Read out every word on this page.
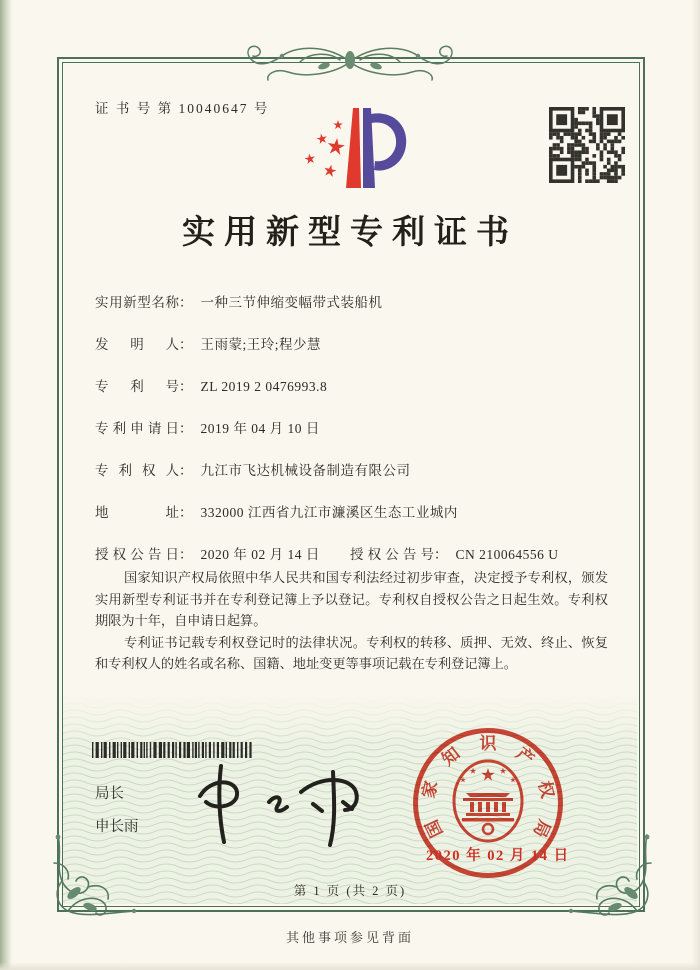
证 书 号 第 10040647 号
实用新型专利证书
实用新型名称： 一种三节伸缩变幅带式装船机
发明人： 王雨蒙;王玲;程少慧
专利号： ZL 2019 2 0476993.8
专利申请日： 2019 年 04 月 10 日
专利权人： 九江市飞达机械设备制造有限公司
地址： 332000 江西省九江市濂溪区生态工业城内
授权公告日： 2020 年 02 月 14 日 授权公告号： CN 210064556 U

国家知识产权局依照中华人民共和国专利法经过初步审查，决定授予专利权，颁发实用新型专利证书并在专利登记簿上予以登记。专利权自授权公告之日起生效。专利权期限为十年，自申请日起算。

专利证书记载专利权登记时的法律状况。专利权的转移、质押、无效、终止、恢复和专利权人的姓名或名称、国籍、地址变更等事项记载在专利登记簿上。

局长
申长雨	国家知识产权局
2020 年 02 月 14 日
第 1 页 (共 2 页)
其他事项参见背面
